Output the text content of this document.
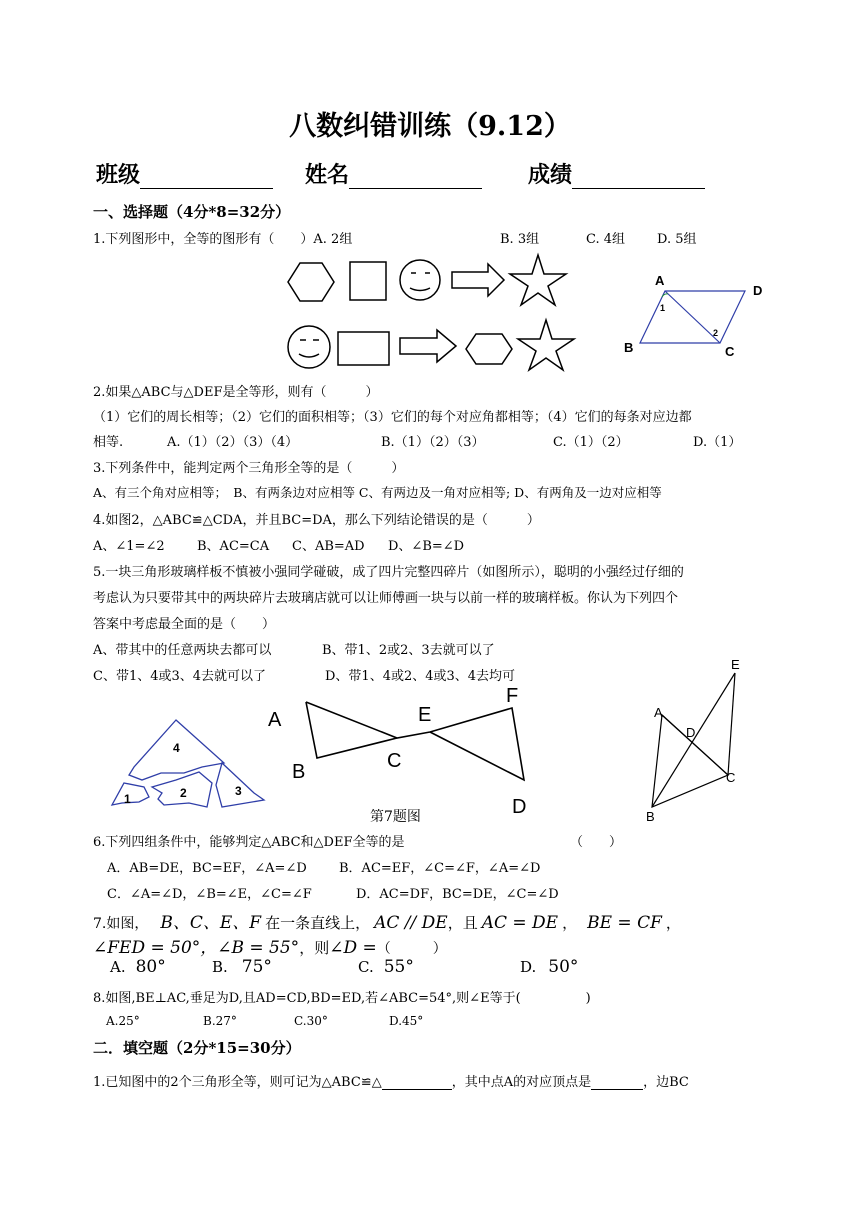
八数纠错训练（9.12）
班级	姓名	成绩
一、选择题（4分*8=32分）
1.下列图形中，全等的图形有（　　）A. 2组	B. 3组	C. 4组 D. 5组
A
D
B	C
1
2
2.如果△ABC与△DEF是全等形，则有（　　　）
（1）它们的周长相等；（2）它们的面积相等；（3）它们的每个对应角都相等；（4）它们的每条对应边都
相等.	A.（1）（2）（3）（4）	B.（1）（2）（3）	C.（1）（2）	D.（1）
3.下列条件中，能判定两个三角形全等的是（　　　）
A、有三个角对应相等；　B、有两条边对应相等 C、有两边及一角对应相等; D、有两角及一边对应相等
4.如图2，△ABC≌△CDA，并且BC=DA，那么下列结论错误的是（　　　）
A、∠1=∠2 B、AC=CA C、AB=AD D、∠B=∠D
5.一块三角形玻璃样板不慎被小强同学碰破，成了四片完整四碎片（如图所示），聪明的小强经过仔细的
考虑认为只要带其中的两块碎片去玻璃店就可以让师傅画一块与以前一样的玻璃样板。你认为下列四个
答案中考虑最全面的是（　　）
A、带其中的任意两块去都可以	B、带1、2或2、3去就可以了
C、带1、4或3、4去就可以了	D、带1、4或2、4或3、4去均可
4
1	2	3
A
B	C
E
F
D
第7题图
E
A
D
C
B
6.下列四组条件中，能够判定△ABC和△DEF全等的是	（　　）
A．AB=DE，BC=EF，∠A=∠D B．AC=EF，∠C=∠F，∠A=∠D
C．∠A=∠D，∠B=∠E，∠C=∠F	D．AC=DF，BC=DE，∠C=∠D
7.如图， B、C、E、F 在一条直线上， AC // DE，且 AC = DE ， BE = CF ，
∠FED = 50°，∠B = 55°，则∠D =（　　　）
A. 80°	B. 75°	C. 55°	D. 50°
8.如图,BE⊥AC,垂足为D,且AD=CD,BD=ED,若∠ABC=54°,则∠E等于(　　　　　)
A.25°	B.27°	C.30°	D.45°
二．填空题（2分*15=30分）
1.已知图中的2个三角形全等，则可记为△ABC≌△	，其中点A的对应顶点是	，边BC
